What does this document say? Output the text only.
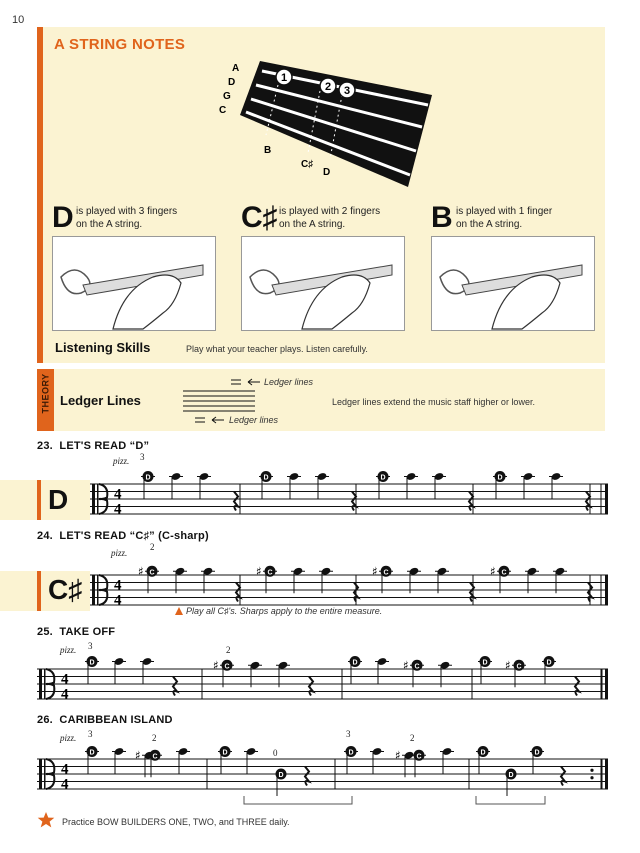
10
A STRING NOTES
1
2 3
A
D
G
C
B
C♯
D
D is played with 3 fingers
on the A string.	C♯ is played with 2 fingers
on the A string.	B is played with 1 finger
on the A string.
Listening Skills	Play what your teacher plays. Listen carefully.
THEORY Ledger Lines
Ledger lines
Ledger lines
Ledger lines extend the music staff higher or lower.
23. LET'S READ “D”
D
pizz. 3
4
4
D	D	D	D
24. LET'S READ “C♯” (C-sharp)
C♯
pizz.
2
4
4
C
♯	C
♯	C
♯	C
♯
Play all C♯'s. Sharps apply to the entire measure.
25. TAKE OFF
pizz. 3	2
4
4
D
C
♯	D
C
♯	D
C
♯	D
26. CARIBBEAN ISLAND
pizz. 3	2
0
3	2
4
4
D	♯ C
D
D
D	♯ C
D
D
D
Practice BOW BUILDERS ONE, TWO, and THREE daily.
